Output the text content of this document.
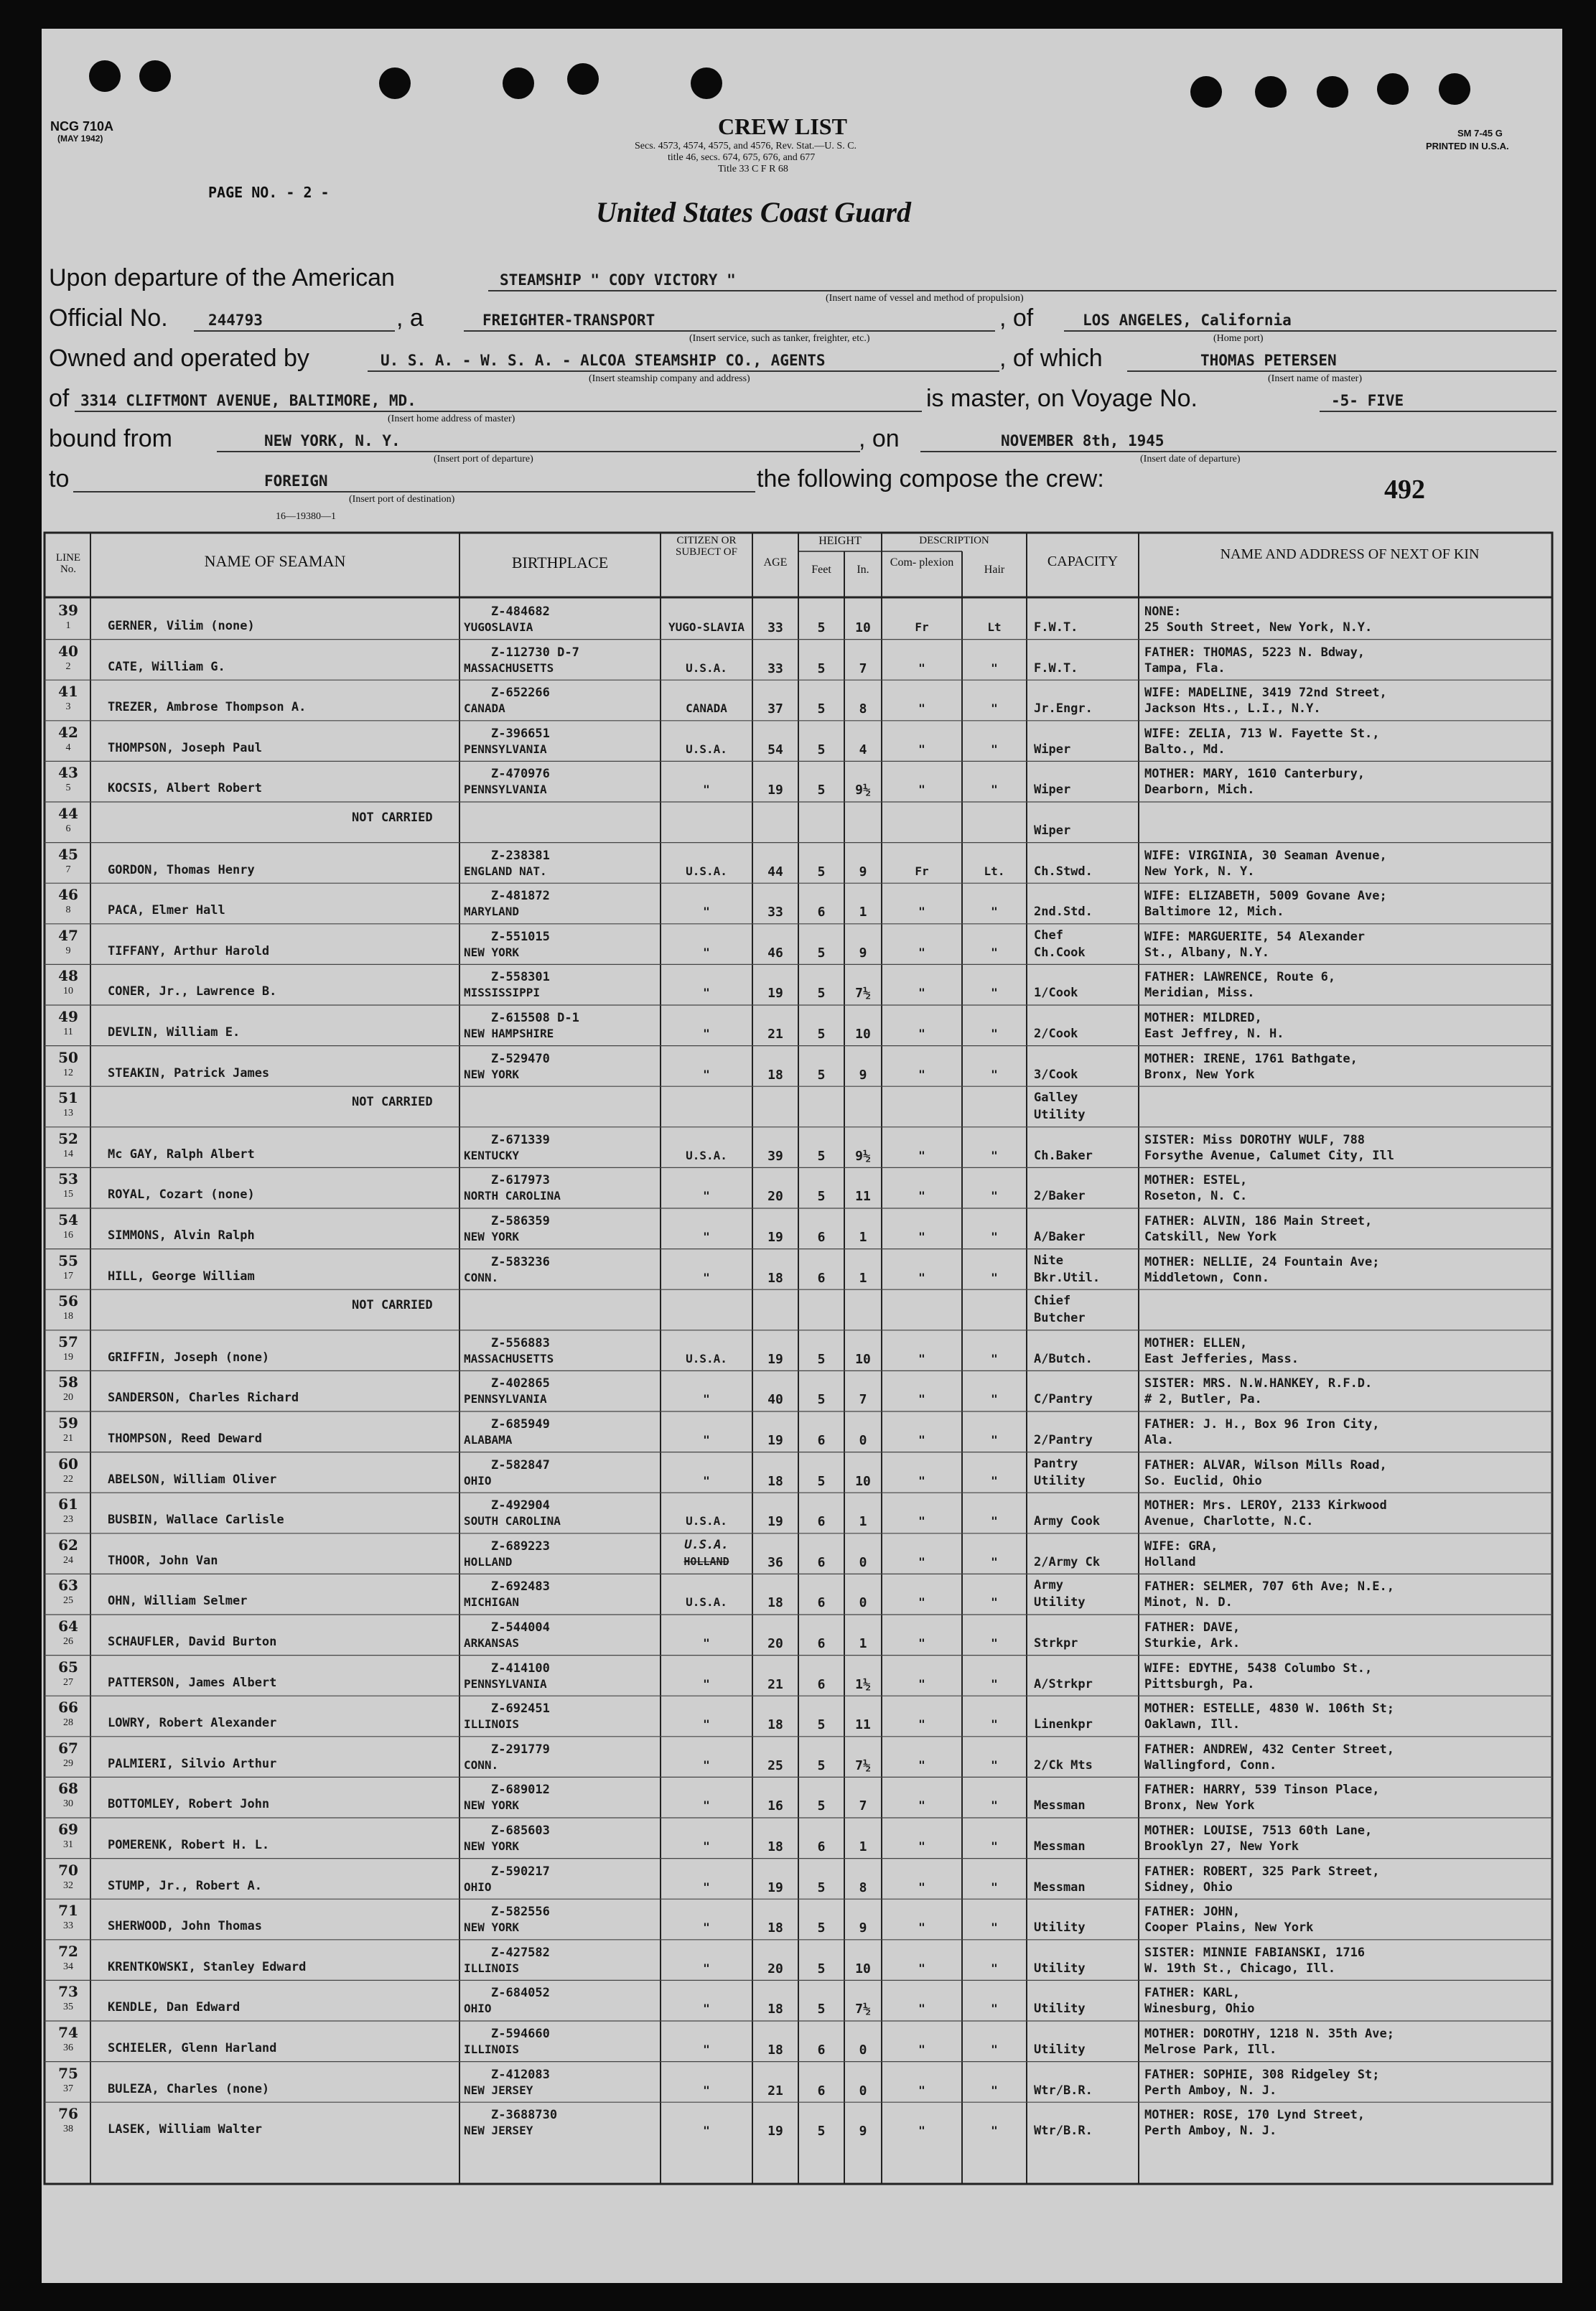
NCG 710A
(MAY 1942)	CREW LIST
Secs. 4573, 4574, 4575, and 4576, Rev. Stat.—U. S. C.
title 46, secs. 674, 675, 676, and 677
Title 33 C F R 68
SM 7-45 G
PRINTED IN U.S.A.
PAGE NO. - 2 -
United States Coast Guard
Upon departure of the American	STEAMSHIP " CODY VICTORY "
(Insert name of vessel and method of propulsion)
Official No.	244793	, a	FREIGHTER-TRANSPORT
(Insert service, such as tanker, freighter, etc.)
, of	LOS ANGELES, California
(Home port)
Owned and operated by	U. S. A. - W. S. A. - ALCOA STEAMSHIP CO., AGENTS
(Insert steamship company and address)
, of which	THOMAS PETERSEN
(Insert name of master)
of 3314 CLIFTMONT AVENUE, BALTIMORE, MD.
(Insert home address of master)
is master, on Voyage No.	-5- FIVE
bound from	NEW YORK, N. Y.
(Insert port of departure)
, on	NOVEMBER 8th, 1945
(Insert date of departure)
to	FOREIGN
(Insert port of destination)
16—19380—1
the following compose the crew:	492
LINE No.	NAME OF SEAMAN	BIRTHPLACE
CITIZEN OR SUBJECT OF
AGE
HEIGHT
Feet	In.
DESCRIPTION
Com- plexion
Hair
CAPACITY	NAME AND ADDRESS OF NEXT OF KIN
39
1	GERNER, Vilim (none)
Z-484682
YUGOSLAVIA	YUGO-SLAVIA	33	5	10	Fr	Lt	F.W.T.
NONE:
25 South Street, New York, N.Y.
40
2	CATE, William G.
Z-112730 D-7
MASSACHUSETTS	U.S.A.	33	5	7	"	"	F.W.T.
FATHER: THOMAS, 5223 N. Bdway,
Tampa, Fla.
41
3	TREZER, Ambrose Thompson A.
Z-652266
CANADA	CANADA	37	5	8	"	"	Jr.Engr.
WIFE: MADELINE, 3419 72nd Street,
Jackson Hts., L.I., N.Y.
42
4	THOMPSON, Joseph Paul
Z-396651
PENNSYLVANIA	U.S.A.	54	5	4	"	"	Wiper
WIFE: ZELIA, 713 W. Fayette St.,
Balto., Md.
43
5	KOCSIS, Albert Robert
Z-470976
PENNSYLVANIA	"	19	5	9½	"	"	Wiper
MOTHER: MARY, 1610 Canterbury,
Dearborn, Mich.
44
6
NOT CARRIED
Wiper
45
7	GORDON, Thomas Henry
Z-238381
ENGLAND NAT.	U.S.A.	44	5	9	Fr	Lt.	Ch.Stwd.
WIFE: VIRGINIA, 30 Seaman Avenue,
New York, N. Y.
46
8	PACA, Elmer Hall
Z-481872
MARYLAND	"	33	6	1	"	"	2nd.Std.
WIFE: ELIZABETH, 5009 Govane Ave;
Baltimore 12, Mich.
47
9	TIFFANY, Arthur Harold
Z-551015
NEW YORK	"	46	5	9	"	"
Chef
Ch.Cook
WIFE: MARGUERITE, 54 Alexander
St., Albany, N.Y.
48
10	CONER, Jr., Lawrence B.
Z-558301
MISSISSIPPI	"	19	5	7½	"	"	1/Cook
FATHER: LAWRENCE, Route 6,
Meridian, Miss.
49
11	DEVLIN, William E.
Z-615508 D-1
NEW HAMPSHIRE	"	21	5	10	"	"	2/Cook
MOTHER: MILDRED,
East Jeffrey, N. H.
50
12	STEAKIN, Patrick James
Z-529470
NEW YORK	"	18	5	9	"	"	3/Cook
MOTHER: IRENE, 1761 Bathgate,
Bronx, New York
51
13
NOT CARRIED	Galley
Utility
52
14	Mc GAY, Ralph Albert
Z-671339
KENTUCKY	U.S.A.	39	5	9½	"	"	Ch.Baker
SISTER: Miss DOROTHY WULF, 788
Forsythe Avenue, Calumet City, Ill
53
15	ROYAL, Cozart (none)
Z-617973
NORTH CAROLINA	"	20	5	11	"	"	2/Baker
MOTHER: ESTEL,
Roseton, N. C.
54
16	SIMMONS, Alvin Ralph
Z-586359
NEW YORK	"	19	6	1	"	"	A/Baker
FATHER: ALVIN, 186 Main Street,
Catskill, New York
55
17	HILL, George William
Z-583236
CONN.	"	18	6	1	"	"
Nite
Bkr.Util.
MOTHER: NELLIE, 24 Fountain Ave;
Middletown, Conn.
56
18
NOT CARRIED	Chief
Butcher
57
19	GRIFFIN, Joseph (none)
Z-556883
MASSACHUSETTS	U.S.A.	19	5	10	"	"	A/Butch.
MOTHER: ELLEN,
East Jefferies, Mass.
58
20	SANDERSON, Charles Richard
Z-402865
PENNSYLVANIA	"	40	5	7	"	"	C/Pantry
SISTER: MRS. N.W.HANKEY, R.F.D.
# 2, Butler, Pa.
59
21	THOMPSON, Reed Deward
Z-685949
ALABAMA	"	19	6	0	"	"	2/Pantry
FATHER: J. H., Box 96 Iron City,
Ala.
60
22	ABELSON, William Oliver
Z-582847
OHIO	"	18	5	10	"	"
Pantry
Utility
FATHER: ALVAR, Wilson Mills Road,
So. Euclid, Ohio
61
23	BUSBIN, Wallace Carlisle
Z-492904
SOUTH CAROLINA	U.S.A.	19	6	1	"	"	Army Cook
MOTHER: Mrs. LEROY, 2133 Kirkwood
Avenue, Charlotte, N.C.
62
24	THOOR, John Van
Z-689223
HOLLAND	HOLLAND
U.S.A.
36	6	0	"	"	2/Army Ck
WIFE: GRA,
Holland
63
25	OHN, William Selmer
Z-692483
MICHIGAN	U.S.A.	18	6	0	"	"
Army
Utility
FATHER: SELMER, 707 6th Ave; N.E.,
Minot, N. D.
64
26	SCHAUFLER, David Burton
Z-544004
ARKANSAS	"	20	6	1	"	"	Strkpr
FATHER: DAVE,
Sturkie, Ark.
65
27	PATTERSON, James Albert
Z-414100
PENNSYLVANIA	"	21	6	1½	"	"	A/Strkpr
WIFE: EDYTHE, 5438 Columbo St.,
Pittsburgh, Pa.
66
28	LOWRY, Robert Alexander
Z-692451
ILLINOIS	"	18	5	11	"	"	Linenkpr
MOTHER: ESTELLE, 4830 W. 106th St;
Oaklawn, Ill.
67
29	PALMIERI, Silvio Arthur
Z-291779
CONN.	"	25	5	7½	"	"	2/Ck Mts
FATHER: ANDREW, 432 Center Street,
Wallingford, Conn.
68
30	BOTTOMLEY, Robert John
Z-689012
NEW YORK	"	16	5	7	"	"	Messman
FATHER: HARRY, 539 Tinson Place,
Bronx, New York
69
31	POMERENK, Robert H. L.
Z-685603
NEW YORK	"	18	6	1	"	"	Messman
MOTHER: LOUISE, 7513 60th Lane,
Brooklyn 27, New York
70
32	STUMP, Jr., Robert A.
Z-590217
OHIO	"	19	5	8	"	"	Messman
FATHER: ROBERT, 325 Park Street,
Sidney, Ohio
71
33	SHERWOOD, John Thomas
Z-582556
NEW YORK	"	18	5	9	"	"	Utility
FATHER: JOHN,
Cooper Plains, New York
72
34	KRENTKOWSKI, Stanley Edward
Z-427582
ILLINOIS	"	20	5	10	"	"	Utility
SISTER: MINNIE FABIANSKI, 1716
W. 19th St., Chicago, Ill.
73
35	KENDLE, Dan Edward
Z-684052
OHIO	"	18	5	7½	"	"	Utility
FATHER: KARL,
Winesburg, Ohio
74
36	SCHIELER, Glenn Harland
Z-594660
ILLINOIS	"	18	6	0	"	"	Utility
MOTHER: DOROTHY, 1218 N. 35th Ave;
Melrose Park, Ill.
75
37	BULEZA, Charles (none)
Z-412083
NEW JERSEY	"	21	6	0	"	"	Wtr/B.R.
FATHER: SOPHIE, 308 Ridgeley St;
Perth Amboy, N. J.
76
38	LASEK, William Walter
Z-3688730
NEW JERSEY	"	19	5	9	"	"	Wtr/B.R.
MOTHER: ROSE, 170 Lynd Street,
Perth Amboy, N. J.
